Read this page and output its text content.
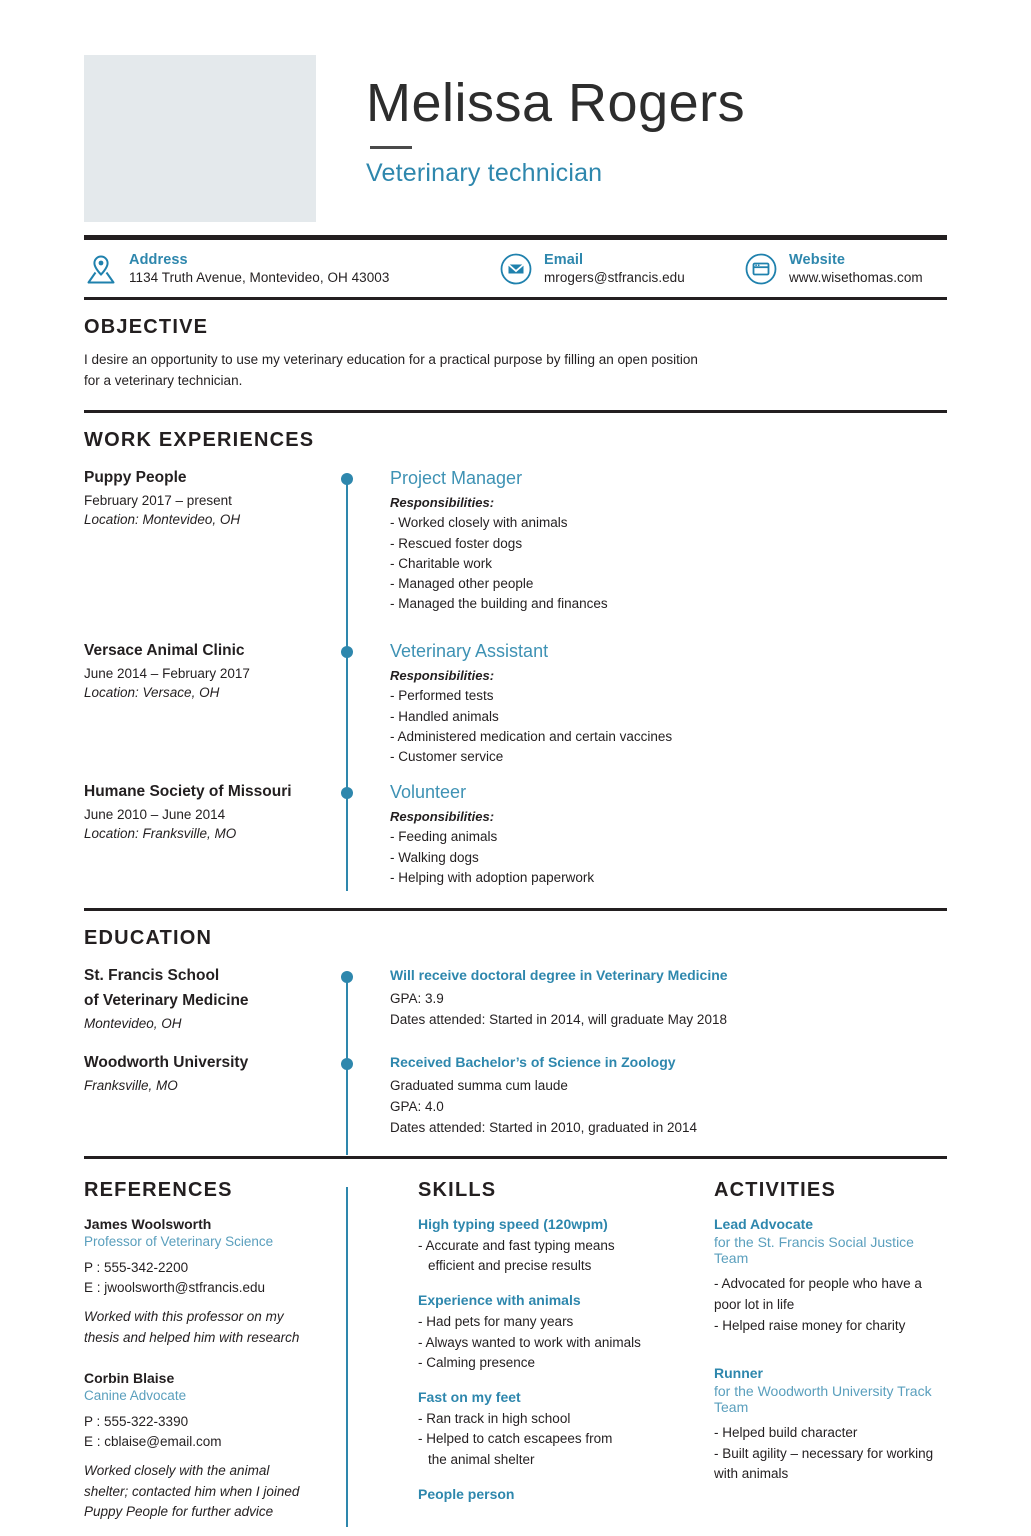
Melissa Rogers
Veterinary technician
Address
1134 Truth Avenue, Montevideo, OH 43003
Email
mrogers@stfrancis.edu
Website
www.wisethomas.com
OBJECTIVE
I desire an opportunity to use my veterinary education for a practical purpose by filling an open position
for a veterinary technician.
WORK EXPERIENCES
Puppy People
February 2017 – present
Location: Montevideo, OH
Project Manager
Responsibilities:
- Worked closely with animals
- Rescued foster dogs
- Charitable work
- Managed other people
- Managed the building and finances
Versace Animal Clinic
June 2014 – February 2017
Location: Versace, OH
Veterinary Assistant
Responsibilities:
- Performed tests
- Handled animals
- Administered medication and certain vaccines
- Customer service
Humane Society of Missouri
June 2010 – June 2014
Location: Franksville, MO
Volunteer
Responsibilities:
- Feeding animals
- Walking dogs
- Helping with adoption paperwork
EDUCATION
St. Francis School
of Veterinary Medicine
Montevideo, OH
Will receive doctoral degree in Veterinary Medicine
GPA: 3.9
Dates attended: Started in 2014, will graduate May 2018
Woodworth University
Franksville, MO
Received Bachelor’s of Science in Zoology
Graduated summa cum laude
GPA: 4.0
Dates attended: Started in 2010, graduated in 2014
REFERENCES
James Woolsworth
Professor of Veterinary Science
P : 555-342-2200
E : jwoolsworth@stfrancis.edu
Worked with this professor on my
thesis and helped him with research
Corbin Blaise
Canine Advocate
P : 555-322-3390
E : cblaise@email.com
Worked closely with the animal
shelter; contacted him when I joined
Puppy People for further advice
SKILLS
High typing speed (120wpm)
- Accurate and fast typing means
efficient and precise results
Experience with animals
- Had pets for many years
- Always wanted to work with animals
- Calming presence
Fast on my feet
- Ran track in high school
- Helped to catch escapees from
the animal shelter
People person
ACTIVITIES
Lead Advocate
for the St. Francis Social Justice Team
- Advocated for people who have a poor lot in life
- Helped raise money for charity
Runner
for the Woodworth University Track Team
- Helped build character
- Built agility – necessary for working with animals
